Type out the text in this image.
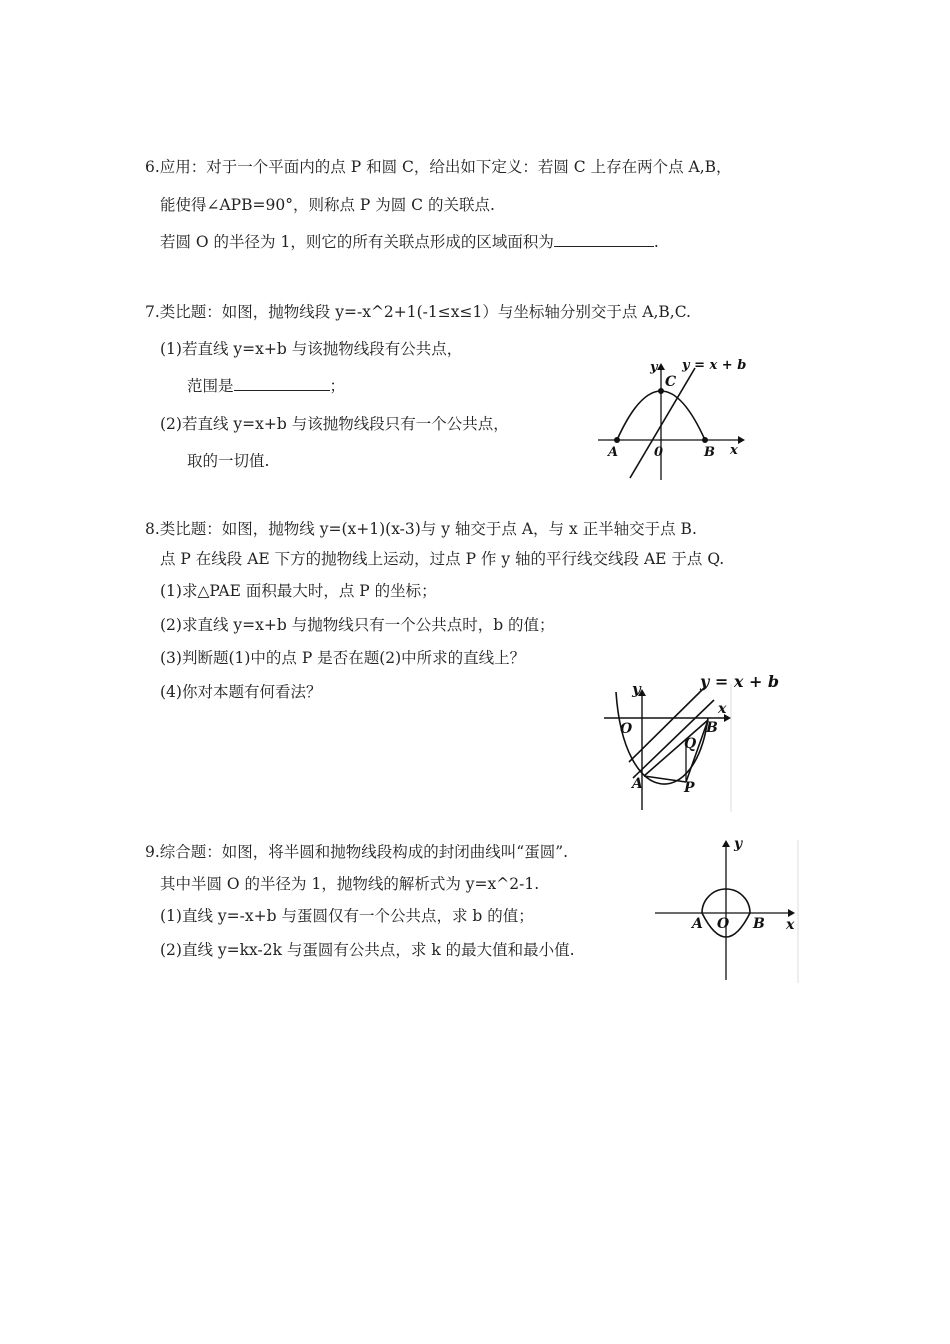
6.应用：对于一个平面内的点 P 和圆 C，给出如下定义：若圆 C 上存在两个点 A,B，
能使得∠APB=90°，则称点 P 为圆 C 的关联点.
若圆 O 的半径为 1，则它的所有关联点形成的区域面积为	.
7.类比题：如图，抛物线段 y=-x^2+1(-1≤x≤1）与坐标轴分别交于点 A,B,C.
(1)若直线 y=x+b 与该抛物线段有公共点，
范围是	；
(2)若直线 y=x+b 与该抛物线段只有一个公共点，
取的一切值.
y y = x + b
C
A	0	B x
8.类比题：如图，抛物线 y=(x+1)(x-3)与 y 轴交于点 A，与 x 正半轴交于点 B.
点 P 在线段 AE 下方的抛物线上运动，过点 P 作 y 轴的平行线交线段 AE 于点 Q.
(1)求△PAE 面积最大时，点 P 的坐标；
(2)求直线 y=x+b 与抛物线只有一个公共点时，b 的值；
(3)判断题(1)中的点 P 是否在题(2)中所求的直线上？
(4)你对本题有何看法？	y	y = x + b
x
O	B
Q
A	P
9.综合题：如图，将半圆和抛物线段构成的封闭曲线叫“蛋圆”.
其中半圆 O 的半径为 1，抛物线的解析式为 y=x^2-1.
(1)直线 y=-x+b 与蛋圆仅有一个公共点，求 b 的值；
(2)直线 y=kx-2k 与蛋圆有公共点，求 k 的最大值和最小值.
y
x
A O B
